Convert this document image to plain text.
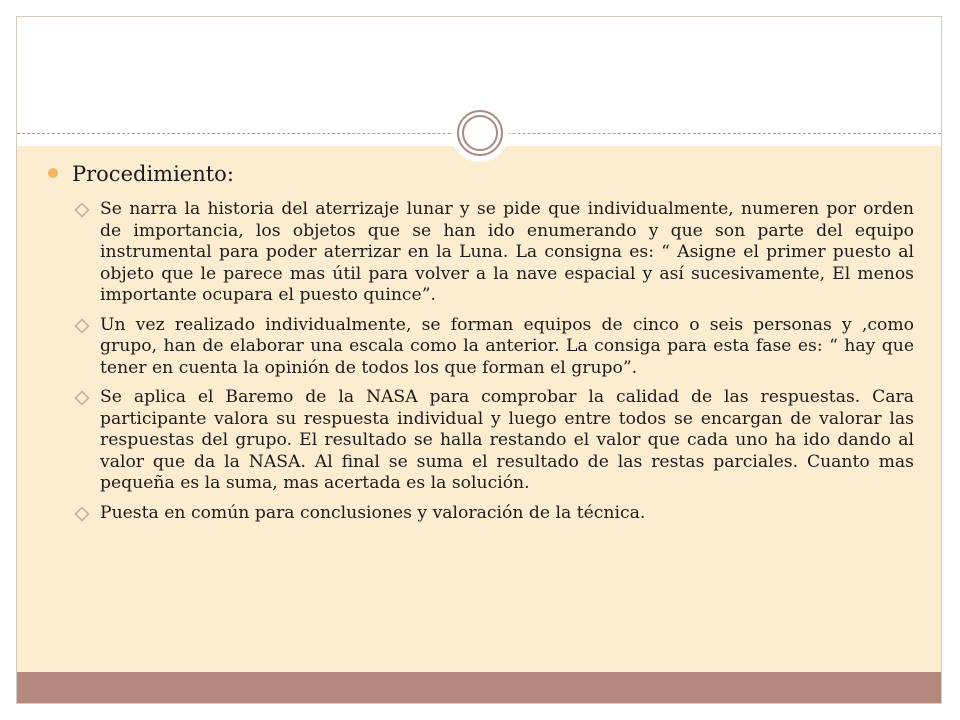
Procedimiento:
Se narra la historia del aterrizaje lunar y se pide que individualmente, numeren por orden de importancia, los objetos que se han ido enumerando y que son parte del equipo instrumental para poder aterrizar en la Luna. La consigna es: “ Asigne el primer puesto al objeto que le parece mas útil para volver a la nave espacial y así sucesivamente, El menos importante ocupara el puesto quince”.
Un vez realizado individualmente, se forman equipos de cinco o seis personas y ,como grupo, han de elaborar una escala como la anterior. La consiga para esta fase es: “ hay que tener en cuenta la opinión de todos los que forman el grupo”.
Se aplica el Baremo de la NASA para comprobar la calidad de las respuestas. Cara participante valora su respuesta individual y luego entre todos se encargan de valorar las respuestas del grupo. El resultado se halla restando el valor que cada uno ha ido dando al valor que da la NASA. Al final se suma el resultado de las restas parciales. Cuanto mas pequeña es la suma, mas acertada es la solución.
Puesta en común para conclusiones y valoración de la técnica.
